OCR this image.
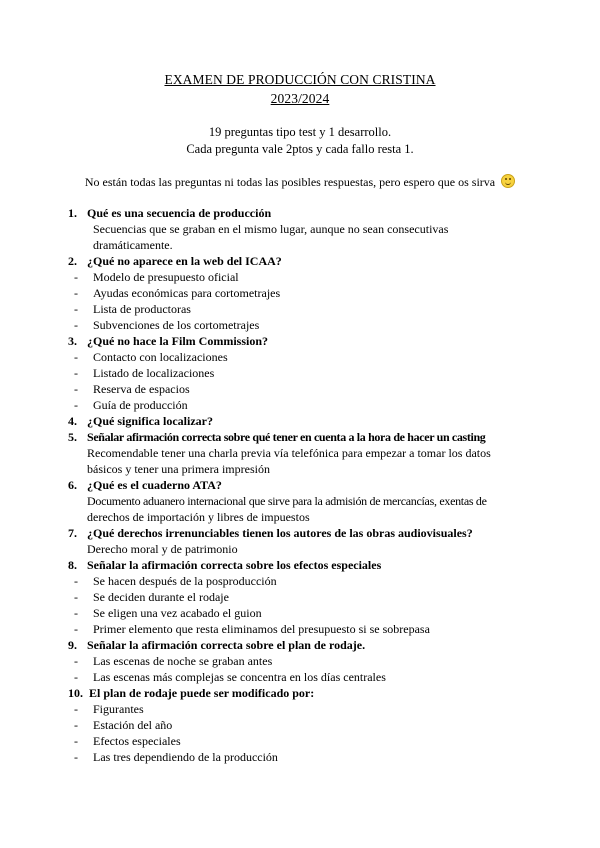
EXAMEN DE PRODUCCIÓN CON CRISTINA
2023/2024
19 preguntas tipo test y 1 desarrollo.
Cada pregunta vale 2ptos y cada fallo resta 1.
No están todas las preguntas ni todas las posibles respuestas, pero espero que os sirva
1. Qué es una secuencia de producción
Secuencias que se graban en el mismo lugar, aunque no sean consecutivas
dramáticamente.
2. ¿Qué no aparece en la web del ICAA?
- Modelo de presupuesto oficial
- Ayudas económicas para cortometrajes
- Lista de productoras
- Subvenciones de los cortometrajes
3. ¿Qué no hace la Film Commission?
- Contacto con localizaciones
- Listado de localizaciones
- Reserva de espacios
- Guía de producción
4. ¿Qué significa localizar?
5. Señalar afirmación correcta sobre qué tener en cuenta a la hora de hacer un casting
Recomendable tener una charla previa vía telefónica para empezar a tomar los datos
básicos y tener una primera impresión
6. ¿Qué es el cuaderno ATA?
Documento aduanero internacional que sirve para la admisión de mercancías, exentas de
derechos de importación y libres de impuestos
7. ¿Qué derechos irrenunciables tienen los autores de las obras audiovisuales?
Derecho moral y de patrimonio
8. Señalar la afirmación correcta sobre los efectos especiales
- Se hacen después de la posproducción
- Se deciden durante el rodaje
- Se eligen una vez acabado el guion
- Primer elemento que resta eliminamos del presupuesto si se sobrepasa
9. Señalar la afirmación correcta sobre el plan de rodaje.
- Las escenas de noche se graban antes
- Las escenas más complejas se concentra en los días centrales
10. El plan de rodaje puede ser modificado por:
- Figurantes
- Estación del año
- Efectos especiales
- Las tres dependiendo de la producción
